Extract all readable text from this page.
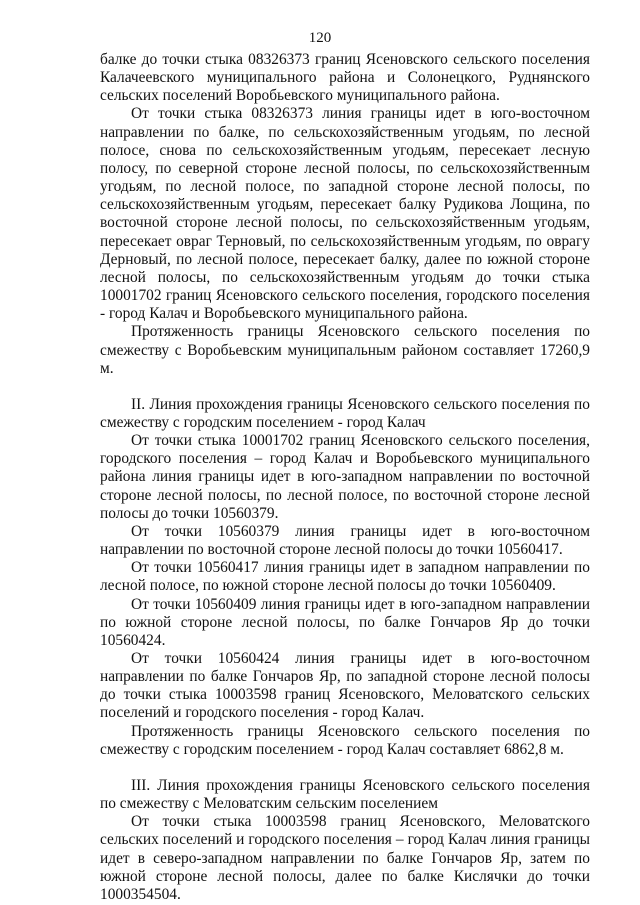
120

балке до точки стыка 08326373 границ Ясеновского сельского поселения Калачеевского муниципального района и Солонецкого, Руднянского сельских поселений Воробьевского муниципального района.

От точки стыка 08326373 линия границы идет в юго-восточном направлении по балке, по сельскохозяйственным угодьям, по лесной полосе, снова по сельскохозяйственным угодьям, пересекает лесную полосу, по северной стороне лесной полосы, по сельскохозяйственным угодьям, по лесной полосе, по западной стороне лесной полосы, по сельскохозяйственным угодьям, пересекает балку Рудикова Лощина, по восточной стороне лесной полосы, по сельскохозяйственным угодьям, пересекает овраг Терновый, по сельскохозяйственным угодьям, по оврагу Дерновый, по лесной полосе, пересекает балку, далее по южной стороне лесной полосы, по сельскохозяйственным угодьям до точки стыка 10001702 границ Ясеновского сельского поселения, городского поселения - город Калач и Воробьевского муниципального района.

Протяженность границы Ясеновского сельского поселения по смежеству с Воробьевским муниципальным районом составляет 17260,9 м.

II. Линия прохождения границы Ясеновского сельского поселения по смежеству с городским поселением - город Калач

От точки стыка 10001702 границ Ясеновского сельского поселения, городского поселения – город Калач и Воробьевского муниципального района линия границы идет в юго-западном направлении по восточной стороне лесной полосы, по лесной полосе, по восточной стороне лесной полосы до точки 10560379.

От точки 10560379 линия границы идет в юго-восточном направлении по восточной стороне лесной полосы до точки 10560417.

От точки 10560417 линия границы идет в западном направлении по лесной полосе, по южной стороне лесной полосы до точки 10560409.

От точки 10560409 линия границы идет в юго-западном направлении по южной стороне лесной полосы, по балке Гончаров Яр до точки 10560424.

От точки 10560424 линия границы идет в юго-восточном направлении по балке Гончаров Яр, по западной стороне лесной полосы до точки стыка 10003598 границ Ясеновского, Меловатского сельских поселений и городского поселения - город Калач.

Протяженность границы Ясеновского сельского поселения по смежеству с городским поселением - город Калач составляет 6862,8 м.

III. Линия прохождения границы Ясеновского сельского поселения по смежеству с Меловатским сельским поселением

От точки стыка 10003598 границ Ясеновского, Меловатского сельских поселений и городского поселения – город Калач линия границы идет в северо-западном направлении по балке Гончаров Яр, затем по южной стороне лесной полосы, далее по балке Кислячки до точки 1000354504.
